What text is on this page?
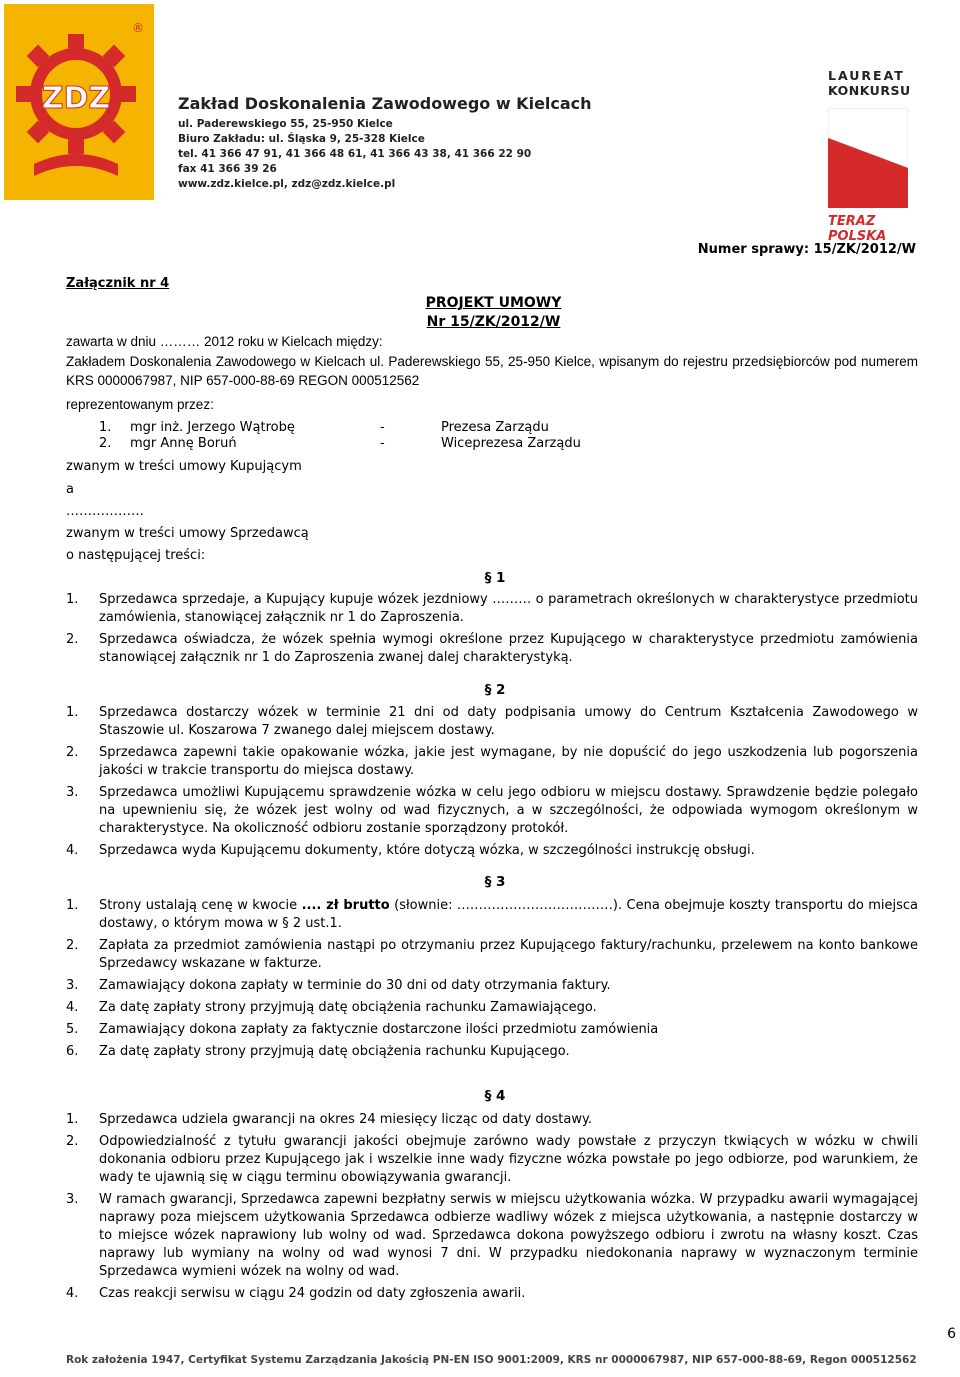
ZDZ
®
Zakład Doskonalenia Zawodowego w Kielcach
ul. Paderewskiego 55, 25-950 Kielce
Biuro Zakładu: ul. Śląska 9, 25-328 Kielce
tel. 41 366 47 91, 41 366 48 61, 41 366 43 38, 41 366 22 90
fax 41 366 39 26
www.zdz.kielce.pl, zdz@zdz.kielce.pl
LAUREAT
KONKURSU
TERAZ POLSKA
Numer sprawy: 15/ZK/2012/W
Załącznik nr 4
PROJEKT UMOWY
Nr 15/ZK/2012/W
zawarta w dniu ……… 2012 roku w Kielcach między:
Zakładem Doskonalenia Zawodowego w Kielcach ul. Paderewskiego 55, 25-950 Kielce, wpisanym do rejestru przedsiębiorców pod numerem KRS 0000067987, NIP 657-000-88-69 REGON 000512562
reprezentowanym przez:
1. mgr inż. Jerzego Wątrobę	-	Prezesa Zarządu
2. mgr Annę Boruń	-	Wiceprezesa Zarządu
zwanym w treści umowy Kupującym
a
………………
zwanym w treści umowy Sprzedawcą
o następującej treści:
§ 1
1. Sprzedawca sprzedaje, a Kupujący kupuje wózek jezdniowy ……… o parametrach określonych w charakterystyce przedmiotu zamówienia, stanowiącej załącznik nr 1 do Zaproszenia.
2. Sprzedawca oświadcza, że wózek spełnia wymogi określone przez Kupującego w charakterystyce przedmiotu zamówienia stanowiącej załącznik nr 1 do Zaproszenia zwanej dalej charakterystyką.
§ 2
1. Sprzedawca dostarczy wózek w terminie 21 dni od daty podpisania umowy do Centrum Kształcenia Zawodowego w Staszowie ul. Koszarowa 7 zwanego dalej miejscem dostawy.
2. Sprzedawca zapewni takie opakowanie wózka, jakie jest wymagane, by nie dopuścić do jego uszkodzenia lub pogorszenia jakości w trakcie transportu do miejsca dostawy.
3. Sprzedawca umożliwi Kupującemu sprawdzenie wózka w celu jego odbioru w miejscu dostawy. Sprawdzenie będzie polegało na upewnieniu się, że wózek jest wolny od wad fizycznych, a w szczególności, że odpowiada wymogom określonym w charakterystyce. Na okoliczność odbioru zostanie sporządzony protokół.
4. Sprzedawca wyda Kupującemu dokumenty, które dotyczą wózka, w szczególności instrukcję obsługi.
§ 3
1. Strony ustalają cenę w kwocie .... zł brutto (słownie: ………………………………). Cena obejmuje koszty transportu do miejsca dostawy, o którym mowa w § 2 ust.1.
2. Zapłata za przedmiot zamówienia nastąpi po otrzymaniu przez Kupującego faktury/rachunku, przelewem na konto bankowe Sprzedawcy wskazane w fakturze.
3. Zamawiający dokona zapłaty w terminie do 30 dni od daty otrzymania faktury.
4. Za datę zapłaty strony przyjmują datę obciążenia rachunku Zamawiającego.
5. Zamawiający dokona zapłaty za faktycznie dostarczone ilości przedmiotu zamówienia
6. Za datę zapłaty strony przyjmują datę obciążenia rachunku Kupującego.
§ 4
1. Sprzedawca udziela gwarancji na okres 24 miesięcy licząc od daty dostawy.
2. Odpowiedzialność z tytułu gwarancji jakości obejmuje zarówno wady powstałe z przyczyn tkwiących w wózku w chwili dokonania odbioru przez Kupującego jak i wszelkie inne wady fizyczne wózka powstałe po jego odbiorze, pod warunkiem, że wady te ujawnią się w ciągu terminu obowiązywania gwarancji.
3. W ramach gwarancji, Sprzedawca zapewni bezpłatny serwis w miejscu użytkowania wózka. W przypadku awarii wymagającej naprawy poza miejscem użytkowania Sprzedawca odbierze wadliwy wózek z miejsca użytkowania, a następnie dostarczy w to miejsce wózek naprawiony lub wolny od wad. Sprzedawca dokona powyższego odbioru i zwrotu na własny koszt. Czas naprawy lub wymiany na wolny od wad wynosi 7 dni. W przypadku niedokonania naprawy w wyznaczonym terminie Sprzedawca wymieni wózek na wolny od wad.
4. Czas reakcji serwisu w ciągu 24 godzin od daty zgłoszenia awarii.
6
Rok założenia 1947, Certyfikat Systemu Zarządzania Jakością PN-EN ISO 9001:2009, KRS nr 0000067987, NIP 657-000-88-69, Regon 000512562
